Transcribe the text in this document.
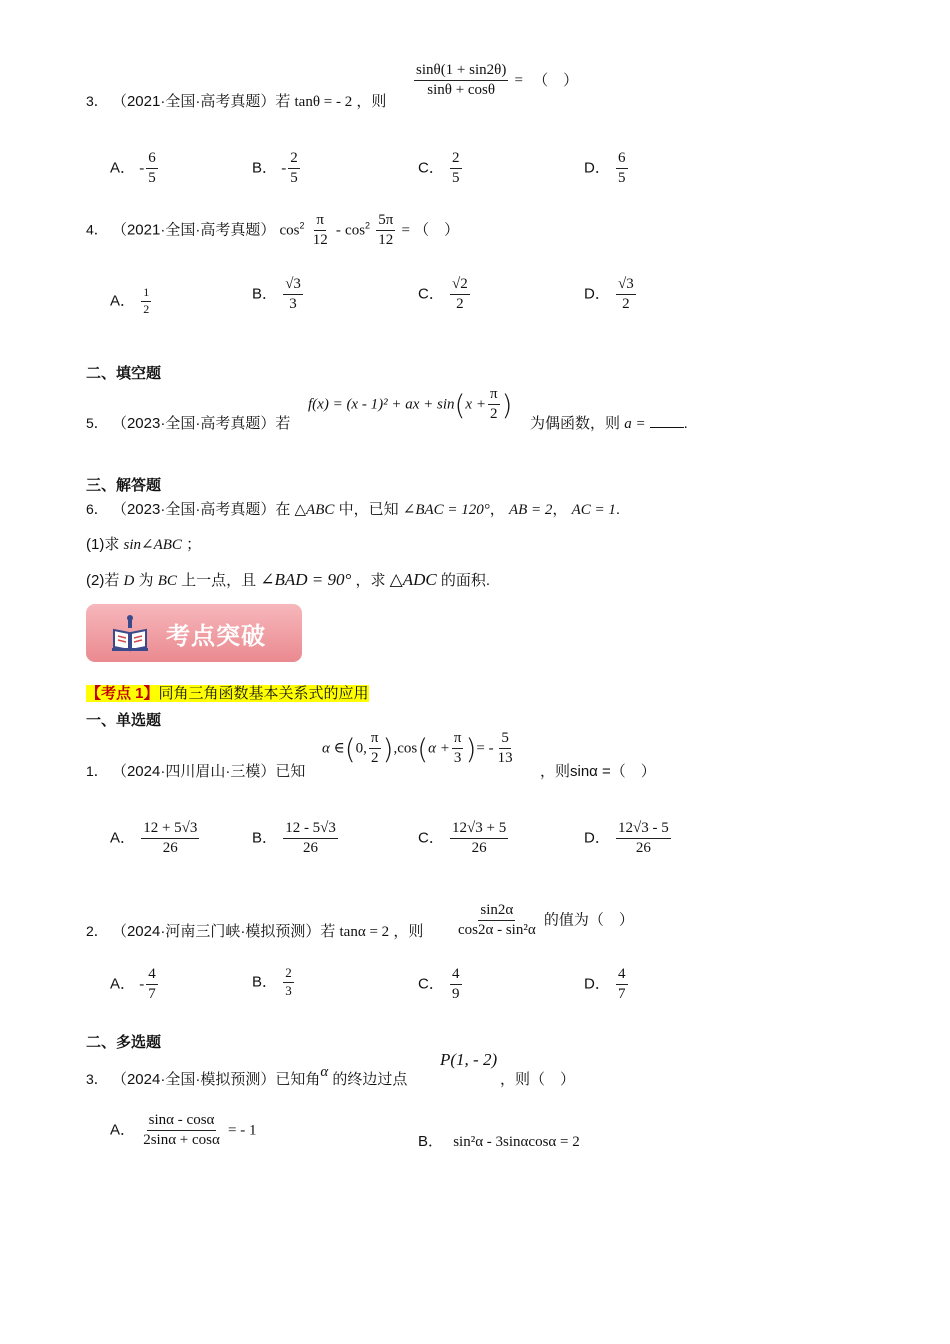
3． （2021·全国·高考真题）若 tanθ = - 2 ，则
$\frac{\sin\theta(1 + \sin 2\theta)}{\sin\theta + \cos\theta}$ = （　）
A． - $\frac{6}{5}$	B． - $\frac{2}{5}$	C． $\frac{2}{5}$	D． $\frac{6}{5}$
4． （2021·全国·高考真题） $\cos^2 \frac{\pi}{12} - \cos^2 \frac{5\pi}{12}$ = （　）
A． $\frac{1}{2}$	B． $\frac{√3}{3}$	C． $\frac{√2}{2}$	D． $\frac{√3}{2}$
二、填空题
5． （2023·全国·高考真题）若
f(x) = (x - 1)² + ax + $\sin(x + \frac{\pi}{2}$ )
为偶函数，则 a =	.
三、解答题
6． （2023·全国·高考真题）在 △ABC 中，已知 ∠BAC = 120°， AB = 2， AC = 1.
(1)求 sin∠ABC ；
(2)若 D 为 BC 上一点，且 ∠BAD = 90° ，求 △ADC 的面积.
考点突破
【考点 1】同角三角函数基本关系式的应用
一、单选题
1． （2024·四川眉山·三模）已知
α ∈(0, $\frac{\pi}{2} ),\cos(\alpha + \frac{\pi}{3}$ )= - $\frac{5}{13}$
，则sinα =（　）
A． $\frac{12 + 5√3}{26}$	B． $\frac{12 - 5√3}{26}$	C． $\frac{12√3 + 5}{26}$	D． $\frac{12√3 - 5}{26}$
2． （2024·河南三门峡·模拟预测）若 tanα = 2 ，则 $\frac{\sin 2\alpha}{\text{cos2α - sin²α}}$ 的值为（　）
A． - $\frac{4}{7}$	B． $\frac{2}{3}$	C． $\frac{4}{9}$	D． $\frac{4}{7}$
二、多选题
3． （2024·全国·模拟预测）已知角α 的终边过点
P(1, - 2)
，则（　）
A． $\frac{\sin\alpha - \cos\alpha}{2\sin\alpha + \cos\alpha}$ = - 1
B． sin²α - 3sinαcosα = 2
